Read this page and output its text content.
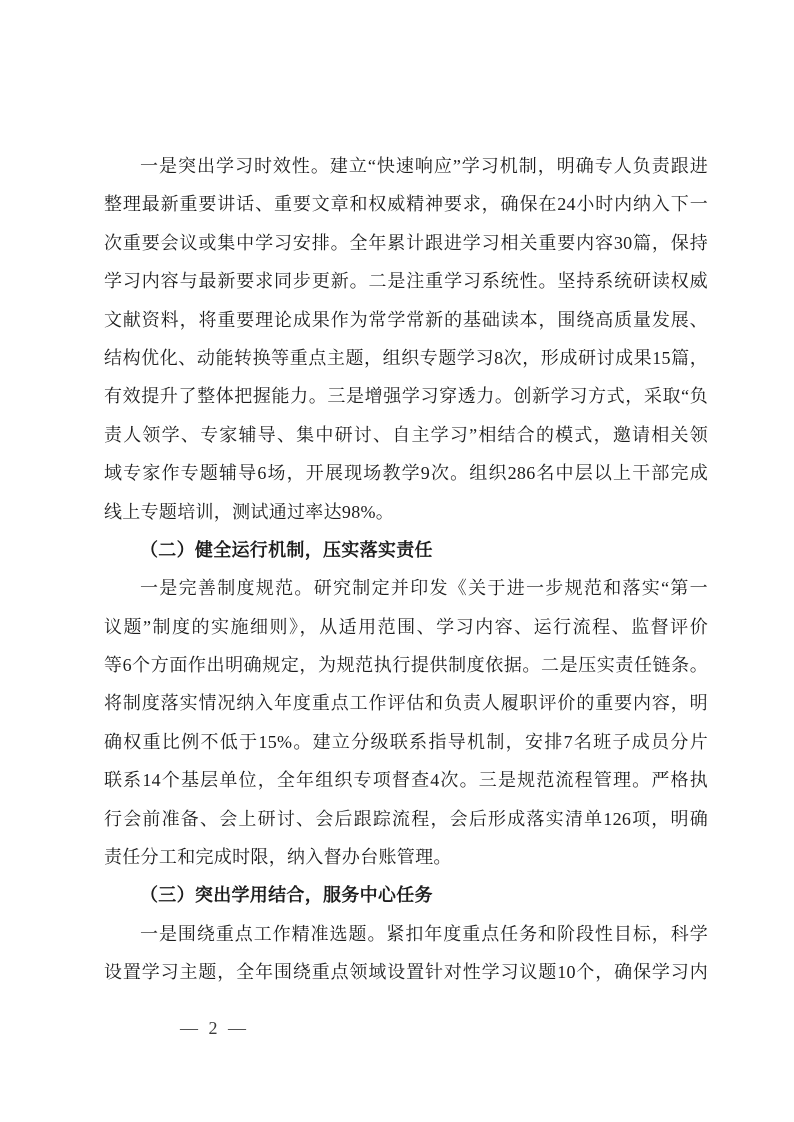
一是突出学习时效性。建立“快速响应”学习机制，明确专人负责跟进
整理最新重要讲话、重要文章和权威精神要求，确保在24小时内纳入下一
次重要会议或集中学习安排。全年累计跟进学习相关重要内容30篇，保持
学习内容与最新要求同步更新。二是注重学习系统性。坚持系统研读权威
文献资料，将重要理论成果作为常学常新的基础读本，围绕高质量发展、
结构优化、动能转换等重点主题，组织专题学习8次，形成研讨成果15篇，
有效提升了整体把握能力。三是增强学习穿透力。创新学习方式，采取“负
责人领学、专家辅导、集中研讨、自主学习”相结合的模式，邀请相关领
域专家作专题辅导6场，开展现场教学9次。组织286名中层以上干部完成
线上专题培训，测试通过率达98%。
（二）健全运行机制，压实落实责任
一是完善制度规范。研究制定并印发《关于进一步规范和落实“第一
议题”制度的实施细则》，从适用范围、学习内容、运行流程、监督评价
等6个方面作出明确规定，为规范执行提供制度依据。二是压实责任链条。
将制度落实情况纳入年度重点工作评估和负责人履职评价的重要内容，明
确权重比例不低于15%。建立分级联系指导机制，安排7名班子成员分片
联系14个基层单位，全年组织专项督查4次。三是规范流程管理。严格执
行会前准备、会上研讨、会后跟踪流程，会后形成落实清单126项，明确
责任分工和完成时限，纳入督办台账管理。
（三）突出学用结合，服务中心任务
一是围绕重点工作精准选题。紧扣年度重点任务和阶段性目标，科学
设置学习主题，全年围绕重点领域设置针对性学习议题10个，确保学习内
— 2 —
